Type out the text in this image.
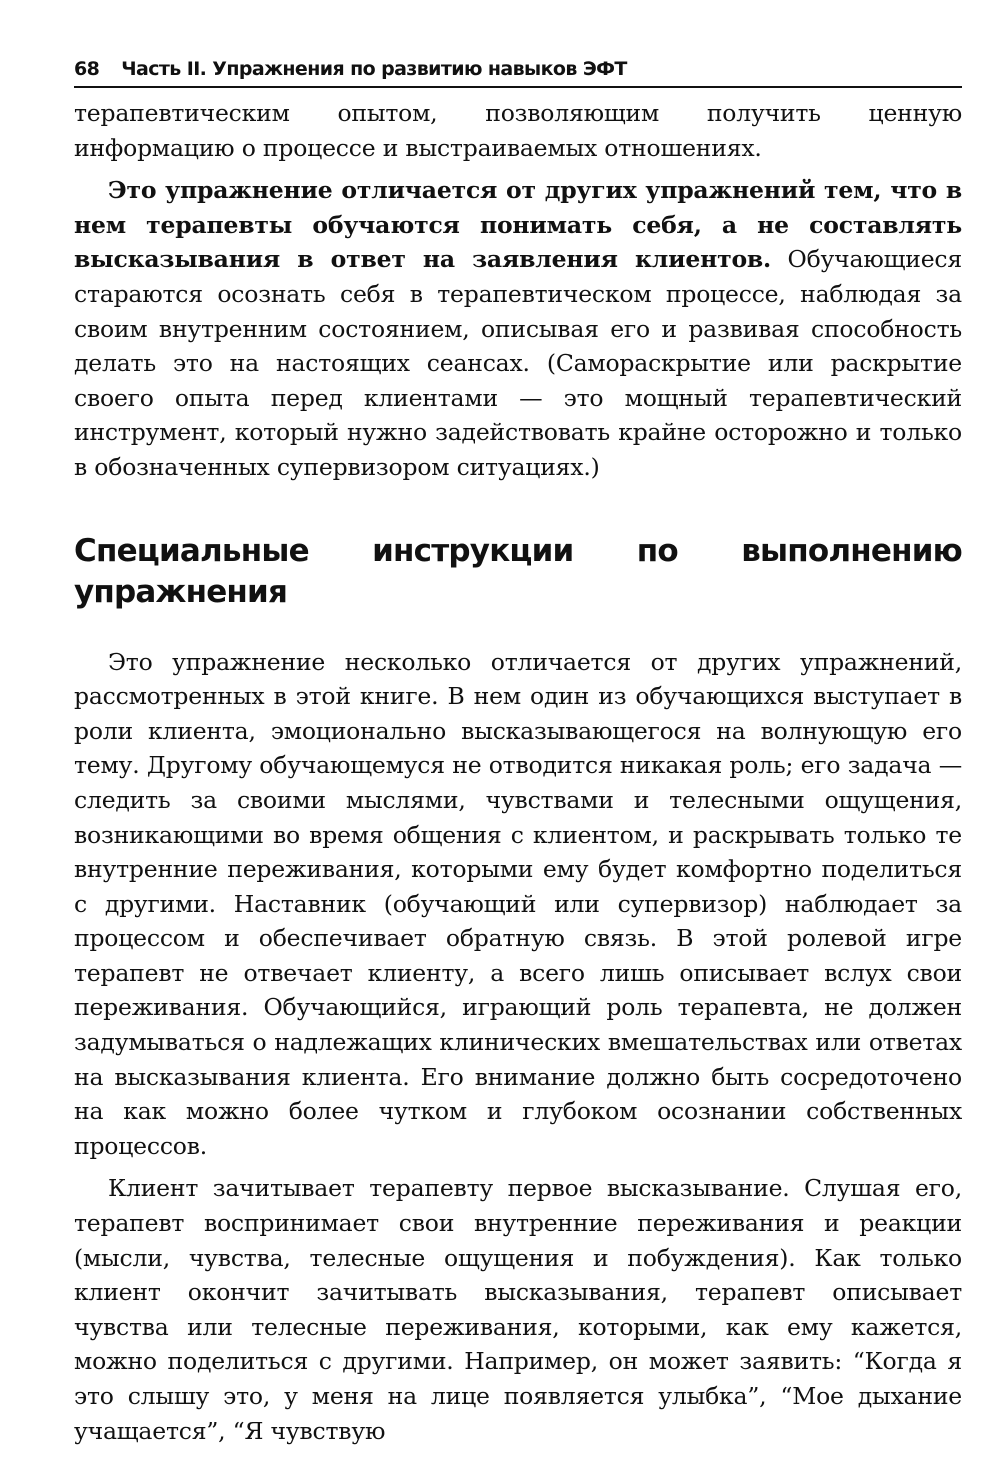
68 Часть II. Упражнения по развитию навыков ЭФТ

терапевтическим опытом, позволяющим получить ценную информацию о процессе и выстраиваемых отношениях.

Это упражнение отличается от других упражнений тем, что в нем терапевты обучаются понимать себя, а не составлять высказывания в ответ на заявления клиентов. Обучающиеся стараются осознать себя в терапевтическом процессе, наблюдая за своим внутренним состоянием, описывая его и развивая способность делать это на настоящих сеансах. (Самораскрытие или раскрытие своего опыта перед клиентами — это мощный терапевтический инструмент, который нужно задействовать крайне осторожно и только в обозначенных супервизором ситуациях.)

Специальные инструкции по выполнению упражнения

Это упражнение несколько отличается от других упражнений, рассмотренных в этой книге. В нем один из обучающихся выступает в роли клиента, эмоционально высказывающегося на волнующую его тему. Другому обучающемуся не отводится никакая роль; его задача — следить за своими мыслями, чувствами и телесными ощущения, возникающими во время общения с клиентом, и раскрывать только те внутренние переживания, которыми ему будет комфортно поделиться с другими. Наставник (обучающий или супервизор) наблюдает за процессом и обеспечивает обратную связь. В этой ролевой игре терапевт не отвечает клиенту, а всего лишь описывает вслух свои переживания. Обучающийся, играющий роль терапевта, не должен задумываться о надлежащих клинических вмешательствах или ответах на высказывания клиента. Его внимание должно быть сосредоточено на как можно более чутком и глубоком осознании собственных процессов.

Клиент зачитывает терапевту первое высказывание. Слушая его, терапевт воспринимает свои внутренние переживания и реакции (мысли, чувства, телесные ощущения и побуждения). Как только клиент окончит зачитывать высказывания, терапевт описывает чувства или телесные переживания, которыми, как ему кажется, можно поделиться с другими. Например, он может заявить: “Когда я это слышу это, у меня на лице появляется улыбка”, “Мое дыхание учащается”, “Я чувствую
